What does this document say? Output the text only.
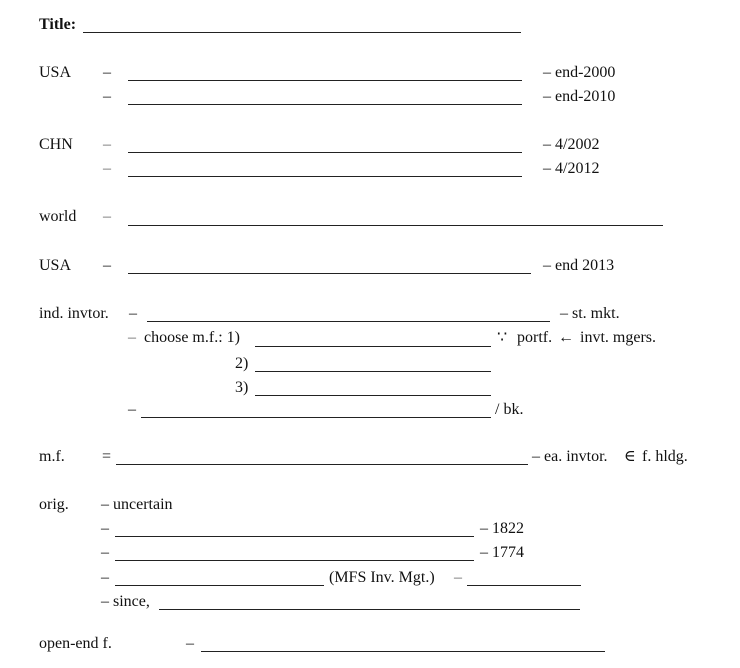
Title:
USA –	– end-2000
–	– end-2010
CHN –	– 4/2002
–	– 4/2012
world –
USA –	– end 2013
ind. invtor. –	– st. mkt.
– choose m.f.: 1)	∵ portf. ← invt. mgers.
2)
3)
–	/ bk.
m.f. =	– ea. invtor. ∈ f. hldg.
orig. – uncertain
–	– 1822
–	– 1774
–	(MFS Inv. Mgt.) –
– since,
open-end f.	–
